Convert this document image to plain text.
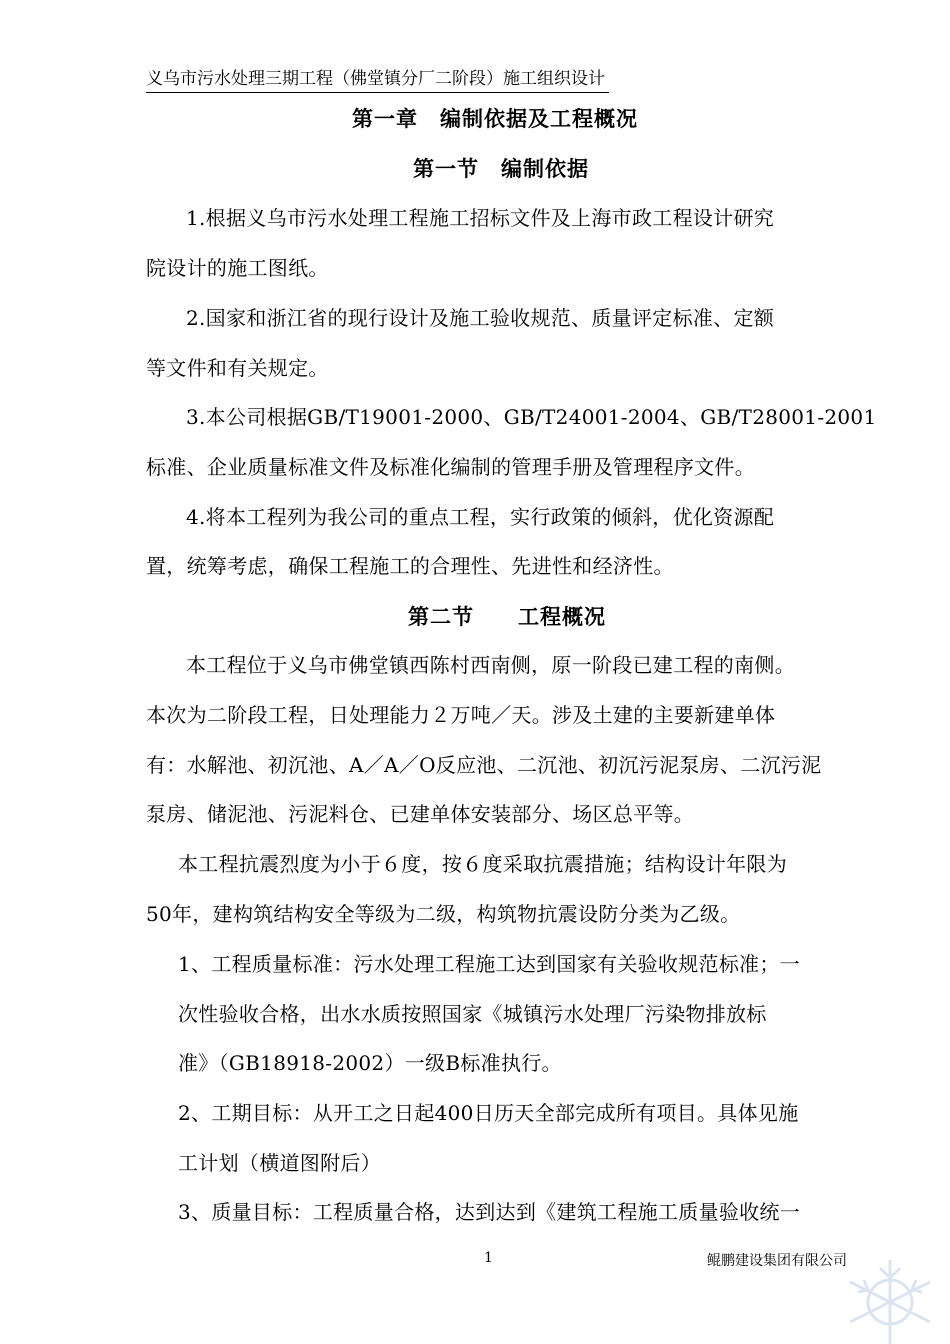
义乌市污水处理三期工程（佛堂镇分厂二阶段）施工组织设计
第一章　编制依据及工程概况
第一节　编制依据
1.根据义乌市污水处理工程施工招标文件及上海市政工程设计研究
院设计的施工图纸。
2.国家和浙江省的现行设计及施工验收规范、质量评定标准、定额
等文件和有关规定。
3.本公司根据GB/T19001-2000、GB/T24001-2004、GB/T28001-2001
标准、企业质量标准文件及标准化编制的管理手册及管理程序文件。
4.将本工程列为我公司的重点工程，实行政策的倾斜，优化资源配
置，统筹考虑，确保工程施工的合理性、先进性和经济性。
第二节　　工程概况
本工程位于义乌市佛堂镇西陈村西南侧，原一阶段已建工程的南侧。
本次为二阶段工程，日处理能力２万吨／天。涉及土建的主要新建单体
有：水解池、初沉池、A／A／O反应池、二沉池、初沉污泥泵房、二沉污泥
泵房、储泥池、污泥料仓、已建单体安装部分、场区总平等。
本工程抗震烈度为小于６度，按６度采取抗震措施；结构设计年限为
50年，建构筑结构安全等级为二级，构筑物抗震设防分类为乙级。
1、工程质量标准：污水处理工程施工达到国家有关验收规范标准；一
次性验收合格，出水水质按照国家《城镇污水处理厂污染物排放标
准》（GB18918-2002）一级B标准执行。
2、工期目标：从开工之日起400日历天全部完成所有项目。具体见施
工计划（横道图附后）
3、质量目标：工程质量合格，达到达到《建筑工程施工质量验收统一
1	鲲鹏建设集团有限公司
